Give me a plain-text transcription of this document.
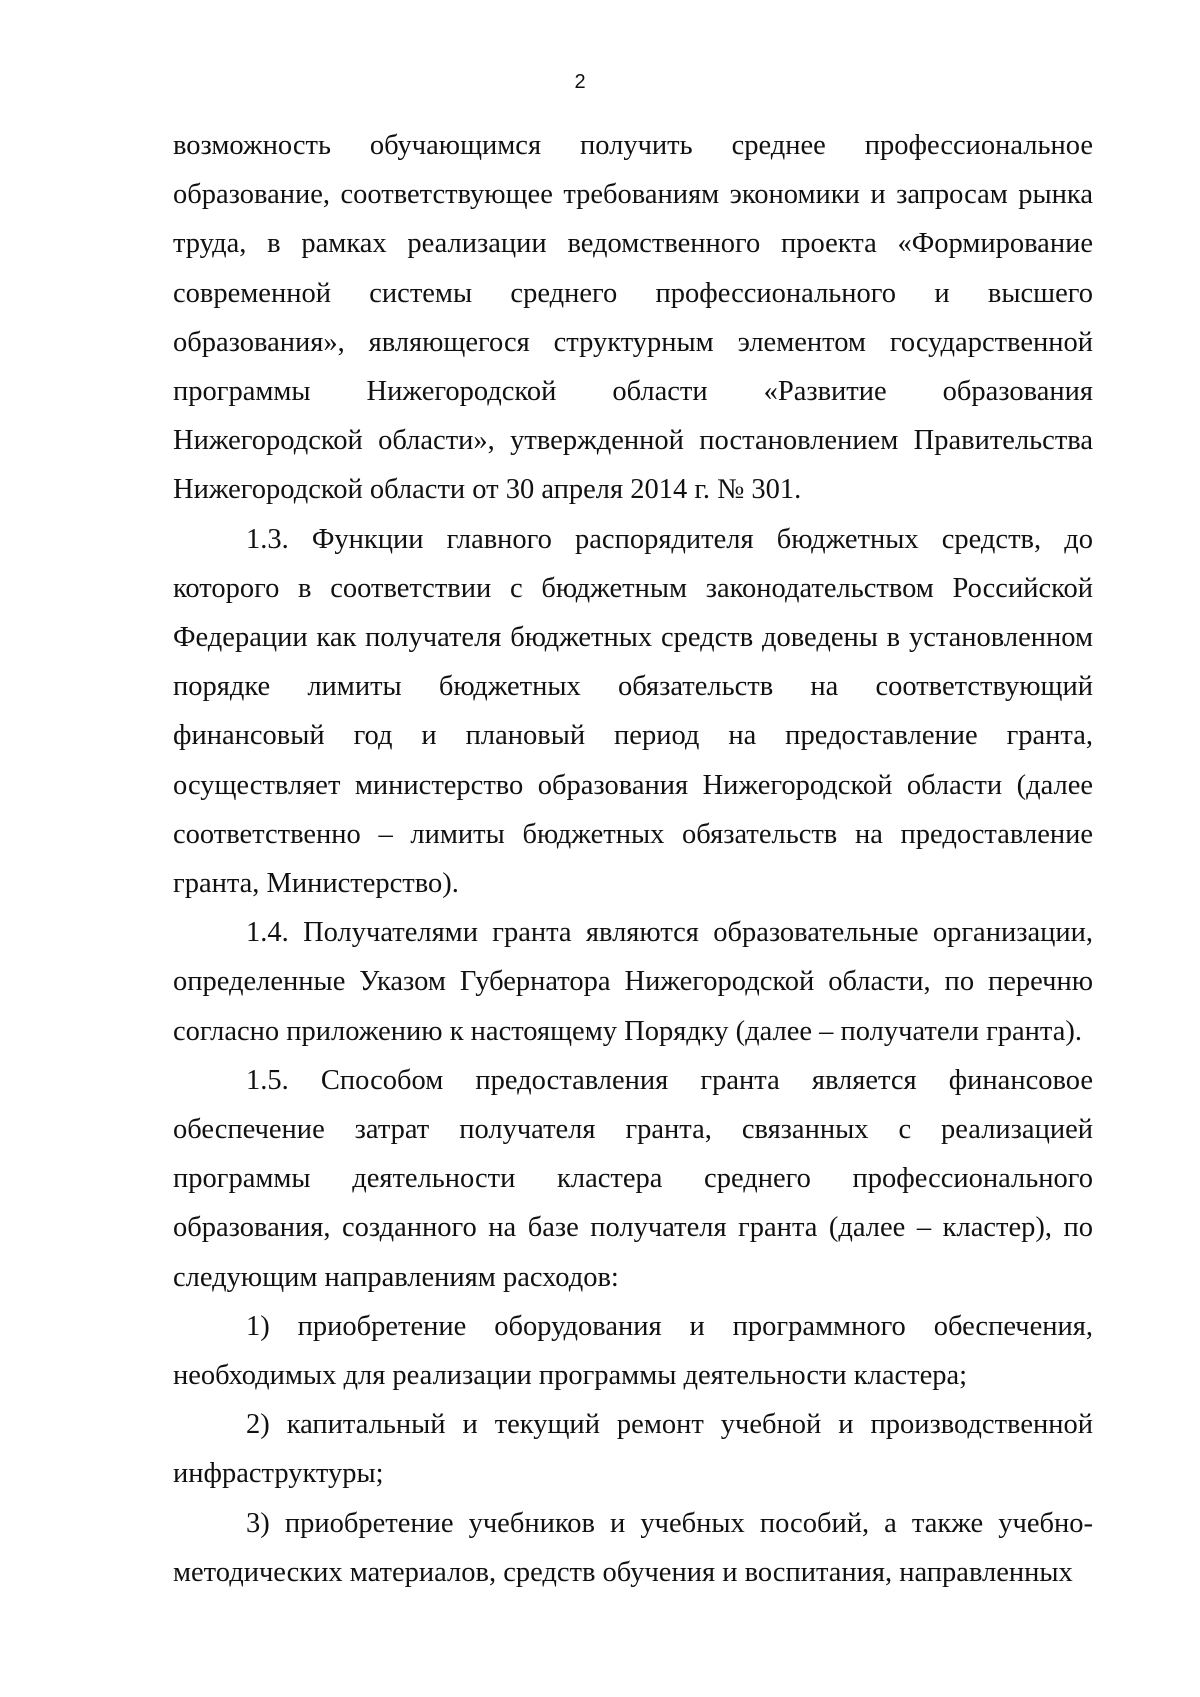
2

возможность обучающимся получить среднее профессиональное образование, соответствующее требованиям экономики и запросам рынка труда, в рамках реализации ведомственного проекта «Формирование современной системы среднего профессионального и высшего образования», являющегося структурным элементом государственной программы Нижегородской области «Развитие образования Нижегородской области», утвержденной постановлением Правительства Нижегородской области от 30 апреля 2014 г. № 301.

1.3. Функции главного распорядителя бюджетных средств, до которого в соответствии с бюджетным законодательством Российской Федерации как получателя бюджетных средств доведены в установленном порядке лимиты бюджетных обязательств на соответствующий финансовый год и плановый период на предоставление гранта, осуществляет министерство образования Нижегородской области (далее соответственно – лимиты бюджетных обязательств на предоставление гранта, Министерство).

1.4. Получателями гранта являются образовательные организации, определенные Указом Губернатора Нижегородской области, по перечню согласно приложению к настоящему Порядку (далее – получатели гранта).

1.5. Способом предоставления гранта является финансовое обеспечение затрат получателя гранта, связанных с реализацией программы деятельности кластера среднего профессионального образования, созданного на базе получателя гранта (далее – кластер), по следующим направлениям расходов:

1) приобретение оборудования и программного обеспечения, необходимых для реализации программы деятельности кластера;

2) капитальный и текущий ремонт учебной и производственной инфраструктуры;

3) приобретение учебников и учебных пособий, а также учебно-методических материалов, средств обучения и воспитания, направленных
